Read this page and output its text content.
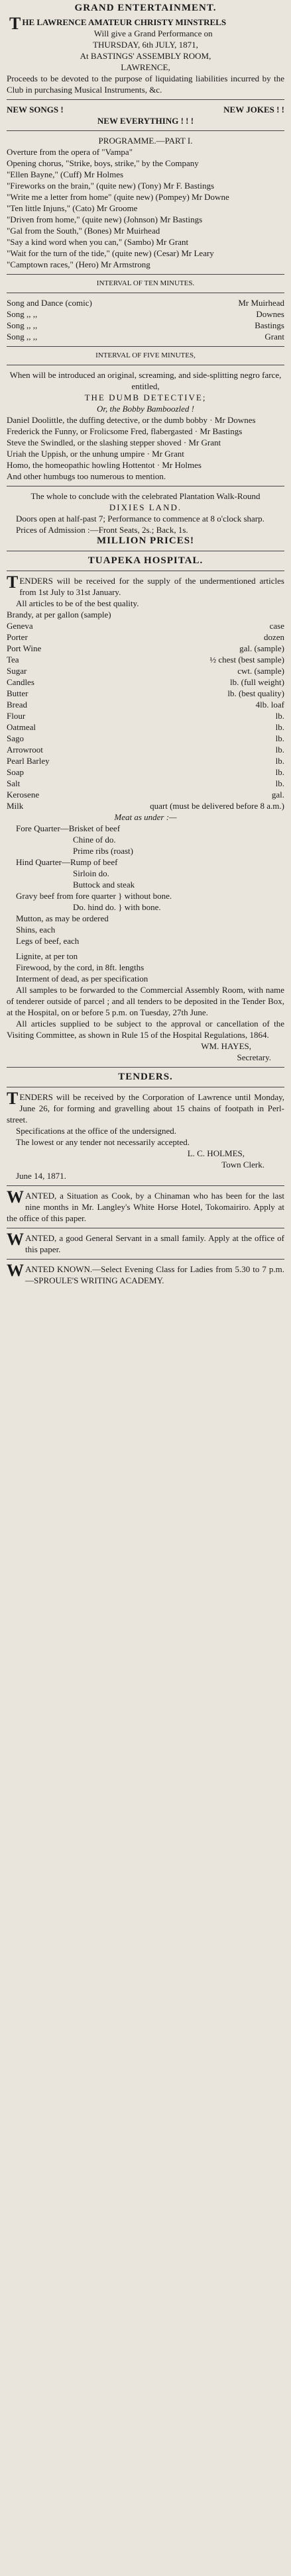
GRAND ENTERTAINMENT.
THE LAWRENCE AMATEUR CHRISTY MINSTRELS
Will give a Grand Performance on
THURSDAY, 6th JULY, 1871,
At BASTINGS' ASSEMBLY ROOM,
LAWRENCE,
Proceeds to be devoted to the purpose of liquidating liabilities incurred by the Club in purchasing Musical Instruments, &c.
NEW SONGS !	NEW JOKES ! !
NEW EVERYTHING ! ! !
PROGRAMME.—PART I.
Overture from the opera of "Vampa"
Opening chorus, "Strike, boys, strike," by the Company
"Ellen Bayne," (Cuff) Mr Holmes
"Fireworks on the brain," (quite new) (Tony) Mr F. Bastings
"Write me a letter from home" (quite new) (Pompey) Mr Downe
"Ten little Injuns," (Cato) Mr Groome
"Driven from home," (quite new) (Johnson) Mr Bastings
"Gal from the South," (Bones) Mr Muirhead
"Say a kind word when you can," (Sambo) Mr Grant
"Wait for the turn of the tide," (quite new) (Cesar) Mr Leary
"Camptown races," (Hero) Mr Armstrong
INTERVAL OF TEN MINUTES.
Song and Dance (comic)	Mr Muirhead
Song ,, ,,	Downes
Song ,, ,,	Bastings
Song ,, ,,	Grant
INTERVAL OF FIVE MINUTES,
When will be introduced an original, screaming, and side-splitting negro farce, entitled,
THE DUMB DETECTIVE;
Or, the Bobby Bamboozled !
Daniel Doolittle, the duffing detective, or the dumb bobby · Mr Downes
Frederick the Funny, or Frolicsome Fred, flabergasted · Mr Bastings
Steve the Swindled, or the slashing stepper shoved · Mr Grant
Uriah the Uppish, or the unhung umpire · Mr Grant
Homo, the homeopathic howling Hottentot · Mr Holmes
And other humbugs too numerous to mention.
The whole to conclude with the celebrated Plantation Walk-Round
DIXIES LAND.
Doors open at half-past 7; Performance to commence at 8 o'clock sharp.
Prices of Admission :—Front Seats, 2s.; Back, 1s.
MILLION PRICES!
TUAPEKA HOSPITAL.
TENDERS will be received for the supply of the undermentioned articles from 1st July to 31st January.
All articles to be of the best quality.
Brandy, at per gallon (sample)
Geneva	case
Porter	dozen
Port Wine	gal. (sample)
Tea	½ chest (best sample)
Sugar	cwt. (sample)
Candles	lb. (full weight)
Butter	lb. (best quality)
Bread	4lb. loaf
Flour	lb.
Oatmeal	lb.
Sago	lb.
Arrowroot	lb.
Pearl Barley	lb.
Soap	lb.
Salt	lb.
Kerosene	gal.
Milk	quart (must be delivered before 8 a.m.)
Meat as under :—
Fore Quarter—Brisket of beef
Chine of do.
Prime ribs (roast)
Hind Quarter—Rump of beef
Sirloin do.
Buttock and steak
Gravy beef from fore quarter } without bone.
Do. hind do. } with bone.
Mutton, as may be ordered
Shins, each
Legs of beef, each
Lignite, at per ton
Firewood, by the cord, in 8ft. lengths
Interment of dead, as per specification
All samples to be forwarded to the Commercial Assembly Room, with name of tenderer outside of parcel ; and all tenders to be deposited in the Tender Box, at the Hospital, on or before 5 p.m. on Tuesday, 27th June.
All articles supplied to be subject to the approval or cancellation of the Visiting Committee, as shown in Rule 15 of the Hospital Regulations, 1864.
WM. HAYES,
Secretary.
TENDERS.
TENDERS will be received by the Corporation of Lawrence until Monday, June 26, for forming and gravelling about 15 chains of footpath in Perl-street.
Specifications at the office of the undersigned.
The lowest or any tender not necessarily accepted.
L. C. HOLMES,
Town Clerk.
June 14, 1871.
WANTED, a Situation as Cook, by a Chinaman who has been for the last nine months in Mr. Langley's White Horse Hotel, Tokomairiro. Apply at the office of this paper.
WANTED, a good General Servant in a small family. Apply at the office of this paper.
WANTED KNOWN.—Select Evening Class for Ladies from 5.30 to 7 p.m.—SPROULE'S WRITING ACADEMY.
